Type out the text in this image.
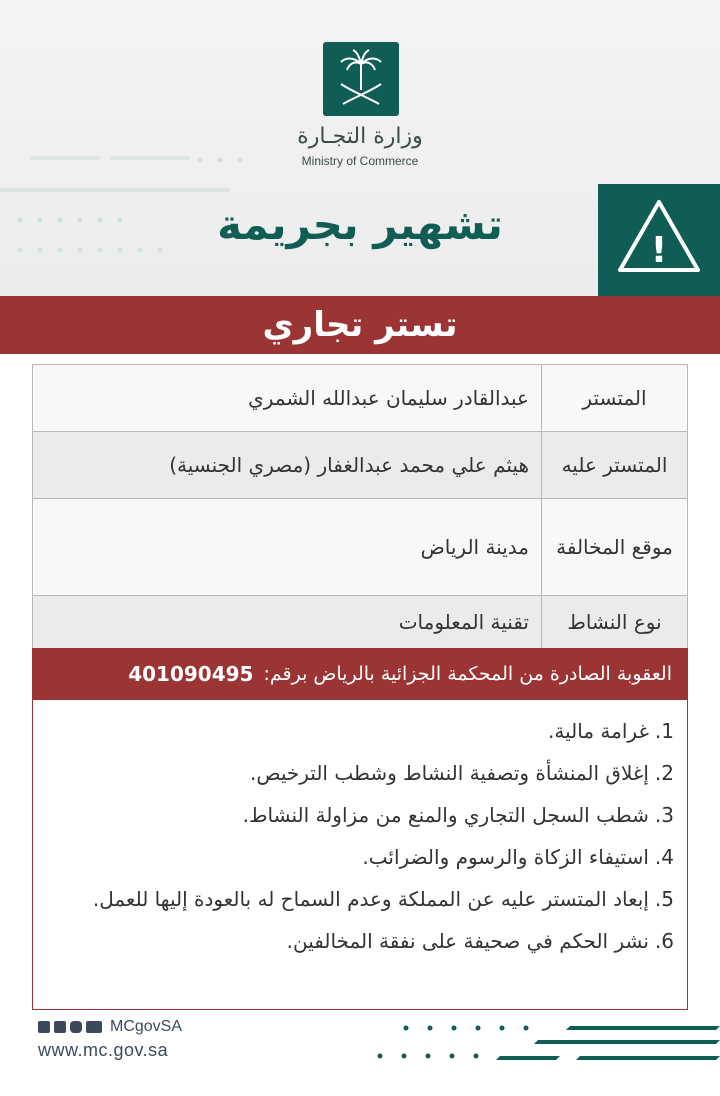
وزارة التجـارة
Ministry of Commerce
تشهير بجريمة
!
تستر تجاري
المتستر
عبدالقادر سليمان عبدالله الشمري
المتستر عليه
هيثم علي محمد عبدالغفار (مصري الجنسية)
موقع المخالفة
مدينة الرياض
نوع النشاط
تقنية المعلومات
العقوبة الصادرة من المحكمة الجزائية بالرياض برقم:
401090495
1.غرامة مالية.
2.إغلاق المنشأة وتصفية النشاط وشطب الترخيص.
3.شطب السجل التجاري والمنع من مزاولة النشاط.
4.استيفاء الزكاة والرسوم والضرائب.
5.إبعاد المتستر عليه عن المملكة وعدم السماح له بالعودة إليها للعمل.
6.نشر الحكم في صحيفة على نفقة المخالفين.
MCgovSA
www.mc.gov.sa
